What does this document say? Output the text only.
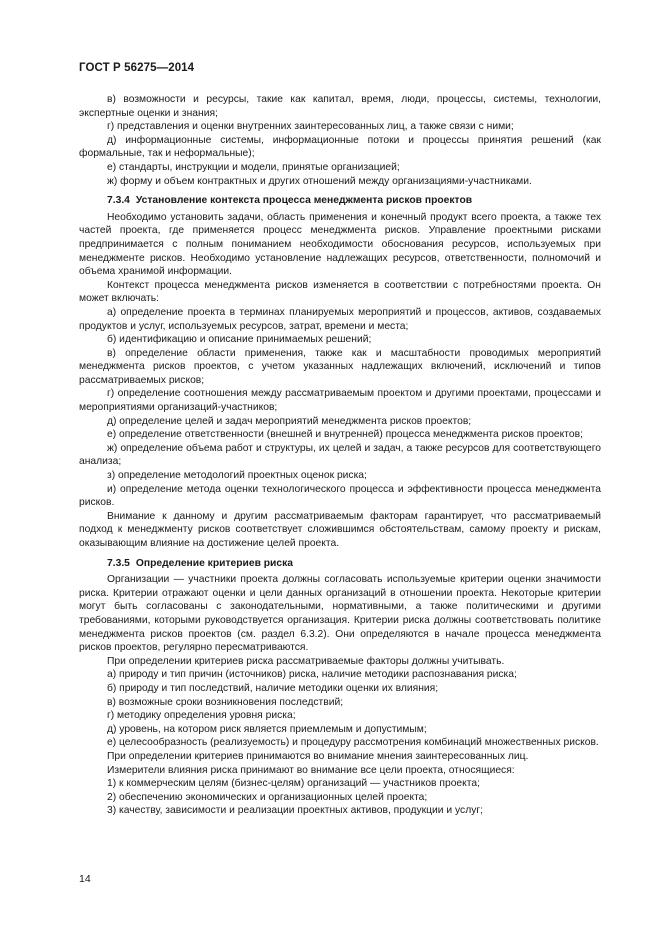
ГОСТ Р 56275—2014

в) возможности и ресурсы, такие как капитал, время, люди, процессы, системы, технологии, экспертные оценки и знания;

г) представления и оценки внутренних заинтересованных лиц, а также связи с ними;

д) информационные системы, информационные потоки и процессы принятия решений (как формальные, так и неформальные);

е) стандарты, инструкции и модели, принятые организацией;

ж) форму и объем контрактных и других отношений между организациями-участниками.

7.3.4 Установление контекста процесса менеджмента рисков проектов

Необходимо установить задачи, область применения и конечный продукт всего проекта, а также тех частей проекта, где применяется процесс менеджмента рисков. Управление проектными рисками предпринимается с полным пониманием необходимости обоснования ресурсов, используемых при менеджменте рисков. Необходимо установление надлежащих ресурсов, ответственности, полномочий и объема хранимой информации.

Контекст процесса менеджмента рисков изменяется в соответствии с потребностями проекта. Он может включать:

а) определение проекта в терминах планируемых мероприятий и процессов, активов, создаваемых продуктов и услуг, используемых ресурсов, затрат, времени и места;

б) идентификацию и описание принимаемых решений;

в) определение области применения, также как и масштабности проводимых мероприятий менеджмента рисков проектов, с учетом указанных надлежащих включений, исключений и типов рассматриваемых рисков;

г) определение соотношения между рассматриваемым проектом и другими проектами, процессами и мероприятиями организаций-участников;

д) определение целей и задач мероприятий менеджмента рисков проектов;

е) определение ответственности (внешней и внутренней) процесса менеджмента рисков проектов;

ж) определение объема работ и структуры, их целей и задач, а также ресурсов для соответствующего анализа;

з) определение методологий проектных оценок риска;

и) определение метода оценки технологического процесса и эффективности процесса менеджмента рисков.

Внимание к данному и другим рассматриваемым факторам гарантирует, что рассматриваемый подход к менеджменту рисков соответствует сложившимся обстоятельствам, самому проекту и рискам, оказывающим влияние на достижение целей проекта.

7.3.5 Определение критериев риска

Организации — участники проекта должны согласовать используемые критерии оценки значимости риска. Критерии отражают оценки и цели данных организаций в отношении проекта. Некоторые критерии могут быть согласованы с законодательными, нормативными, а также политическими и другими требованиями, которыми руководствуется организация. Критерии риска должны соответствовать политике менеджмента рисков проектов (см. раздел 6.3.2). Они определяются в начале процесса менеджмента рисков проектов, регулярно пересматриваются.

При определении критериев риска рассматриваемые факторы должны учитывать.

а) природу и тип причин (источников) риска, наличие методики распознавания риска;

б) природу и тип последствий, наличие методики оценки их влияния;

в) возможные сроки возникновения последствий;

г) методику определения уровня риска;

д) уровень, на котором риск является приемлемым и допустимым;

е) целесообразность (реализуемость) и процедуру рассмотрения комбинаций множественных рисков.

При определении критериев принимаются во внимание мнения заинтересованных лиц.

Измерители влияния риска принимают во внимание все цели проекта, относящиеся:

1) к коммерческим целям (бизнес-целям) организаций — участников проекта;

2) обеспечению экономических и организационных целей проекта;

3) качеству, зависимости и реализации проектных активов, продукции и услуг;

14
